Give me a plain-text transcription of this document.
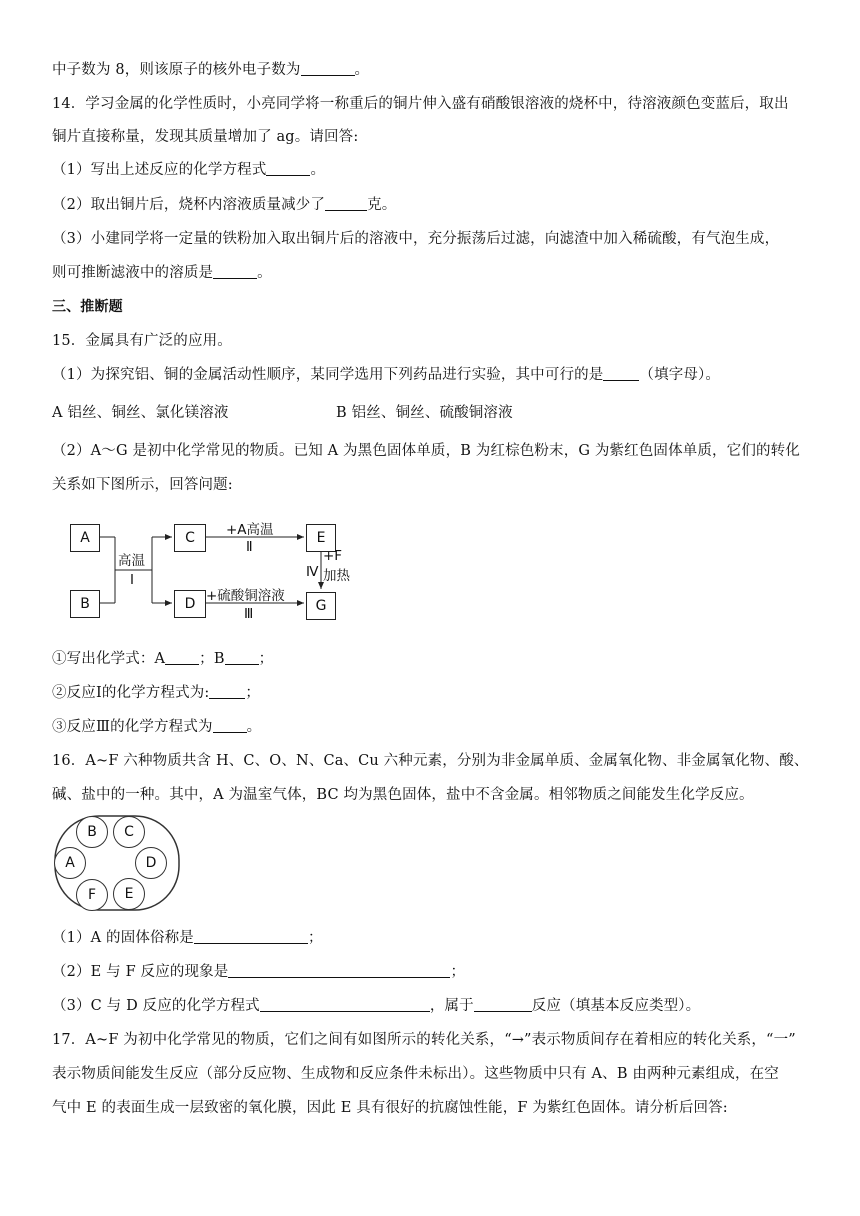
中子数为 8，则该原子的核外电子数为	。
14．学习金属的化学性质时，小亮同学将一称重后的铜片伸入盛有硝酸银溶液的烧杯中，待溶液颜色变蓝后，取出
铜片直接称量，发现其质量增加了 ag。请回答:
（1）写出上述反应的化学方程式	。
（2）取出铜片后，烧杯内溶液质量减少了	克。
（3）小建同学将一定量的铁粉加入取出铜片后的溶液中，充分振荡后过滤，向滤渣中加入稀硫酸，有气泡生成，
则可推断滤液中的溶质是	。
三、推断题
15．金属具有广泛的应用。
（1）为探究铝、铜的金属活动性顺序，某同学选用下列药品进行实验，其中可行的是 （填字母）。
A 铝丝、铜丝、氯化镁溶液	B 铝丝、铜丝、硫酸铜溶液
（2）A～G 是初中化学常见的物质。已知 A 为黑色固体单质，B 为红棕色粉末，G 为紫红色固体单质，它们的转化
关系如下图所示，回答问题:
A
B
C
D
E
G
高温
I
+A高温
Ⅱ
+硫酸铜溶液
Ⅲ
+F
Ⅳ 加热
①写出化学式：A ；B ；
②反应Ⅰ的化学方程式为: ；
③反应Ⅲ的化学方程式为 。
16．A~F 六种物质共含 H、C、O、N、Ca、Cu 六种元素，分别为非金属单质、金属氧化物、非金属氧化物、酸、
碱、盐中的一种。其中，A 为温室气体，BC 均为黑色固体，盐中不含金属。相邻物质之间能发生化学反应。
B	C
A	D
F	E
（1）A 的固体俗称是	；
（2）E 与 F 反应的现象是	；
（3）C 与 D 反应的化学方程式	，属于	反应（填基本反应类型）。
17．A~F 为初中化学常见的物质，它们之间有如图所示的转化关系，“→”表示物质间存在着相应的转化关系，“一”
表示物质间能发生反应（部分反应物、生成物和反应条件未标出）。这些物质中只有 A、B 由两种元素组成，在空
气中 E 的表面生成一层致密的氧化膜，因此 E 具有很好的抗腐蚀性能，F 为紫红色固体。请分析后回答:
